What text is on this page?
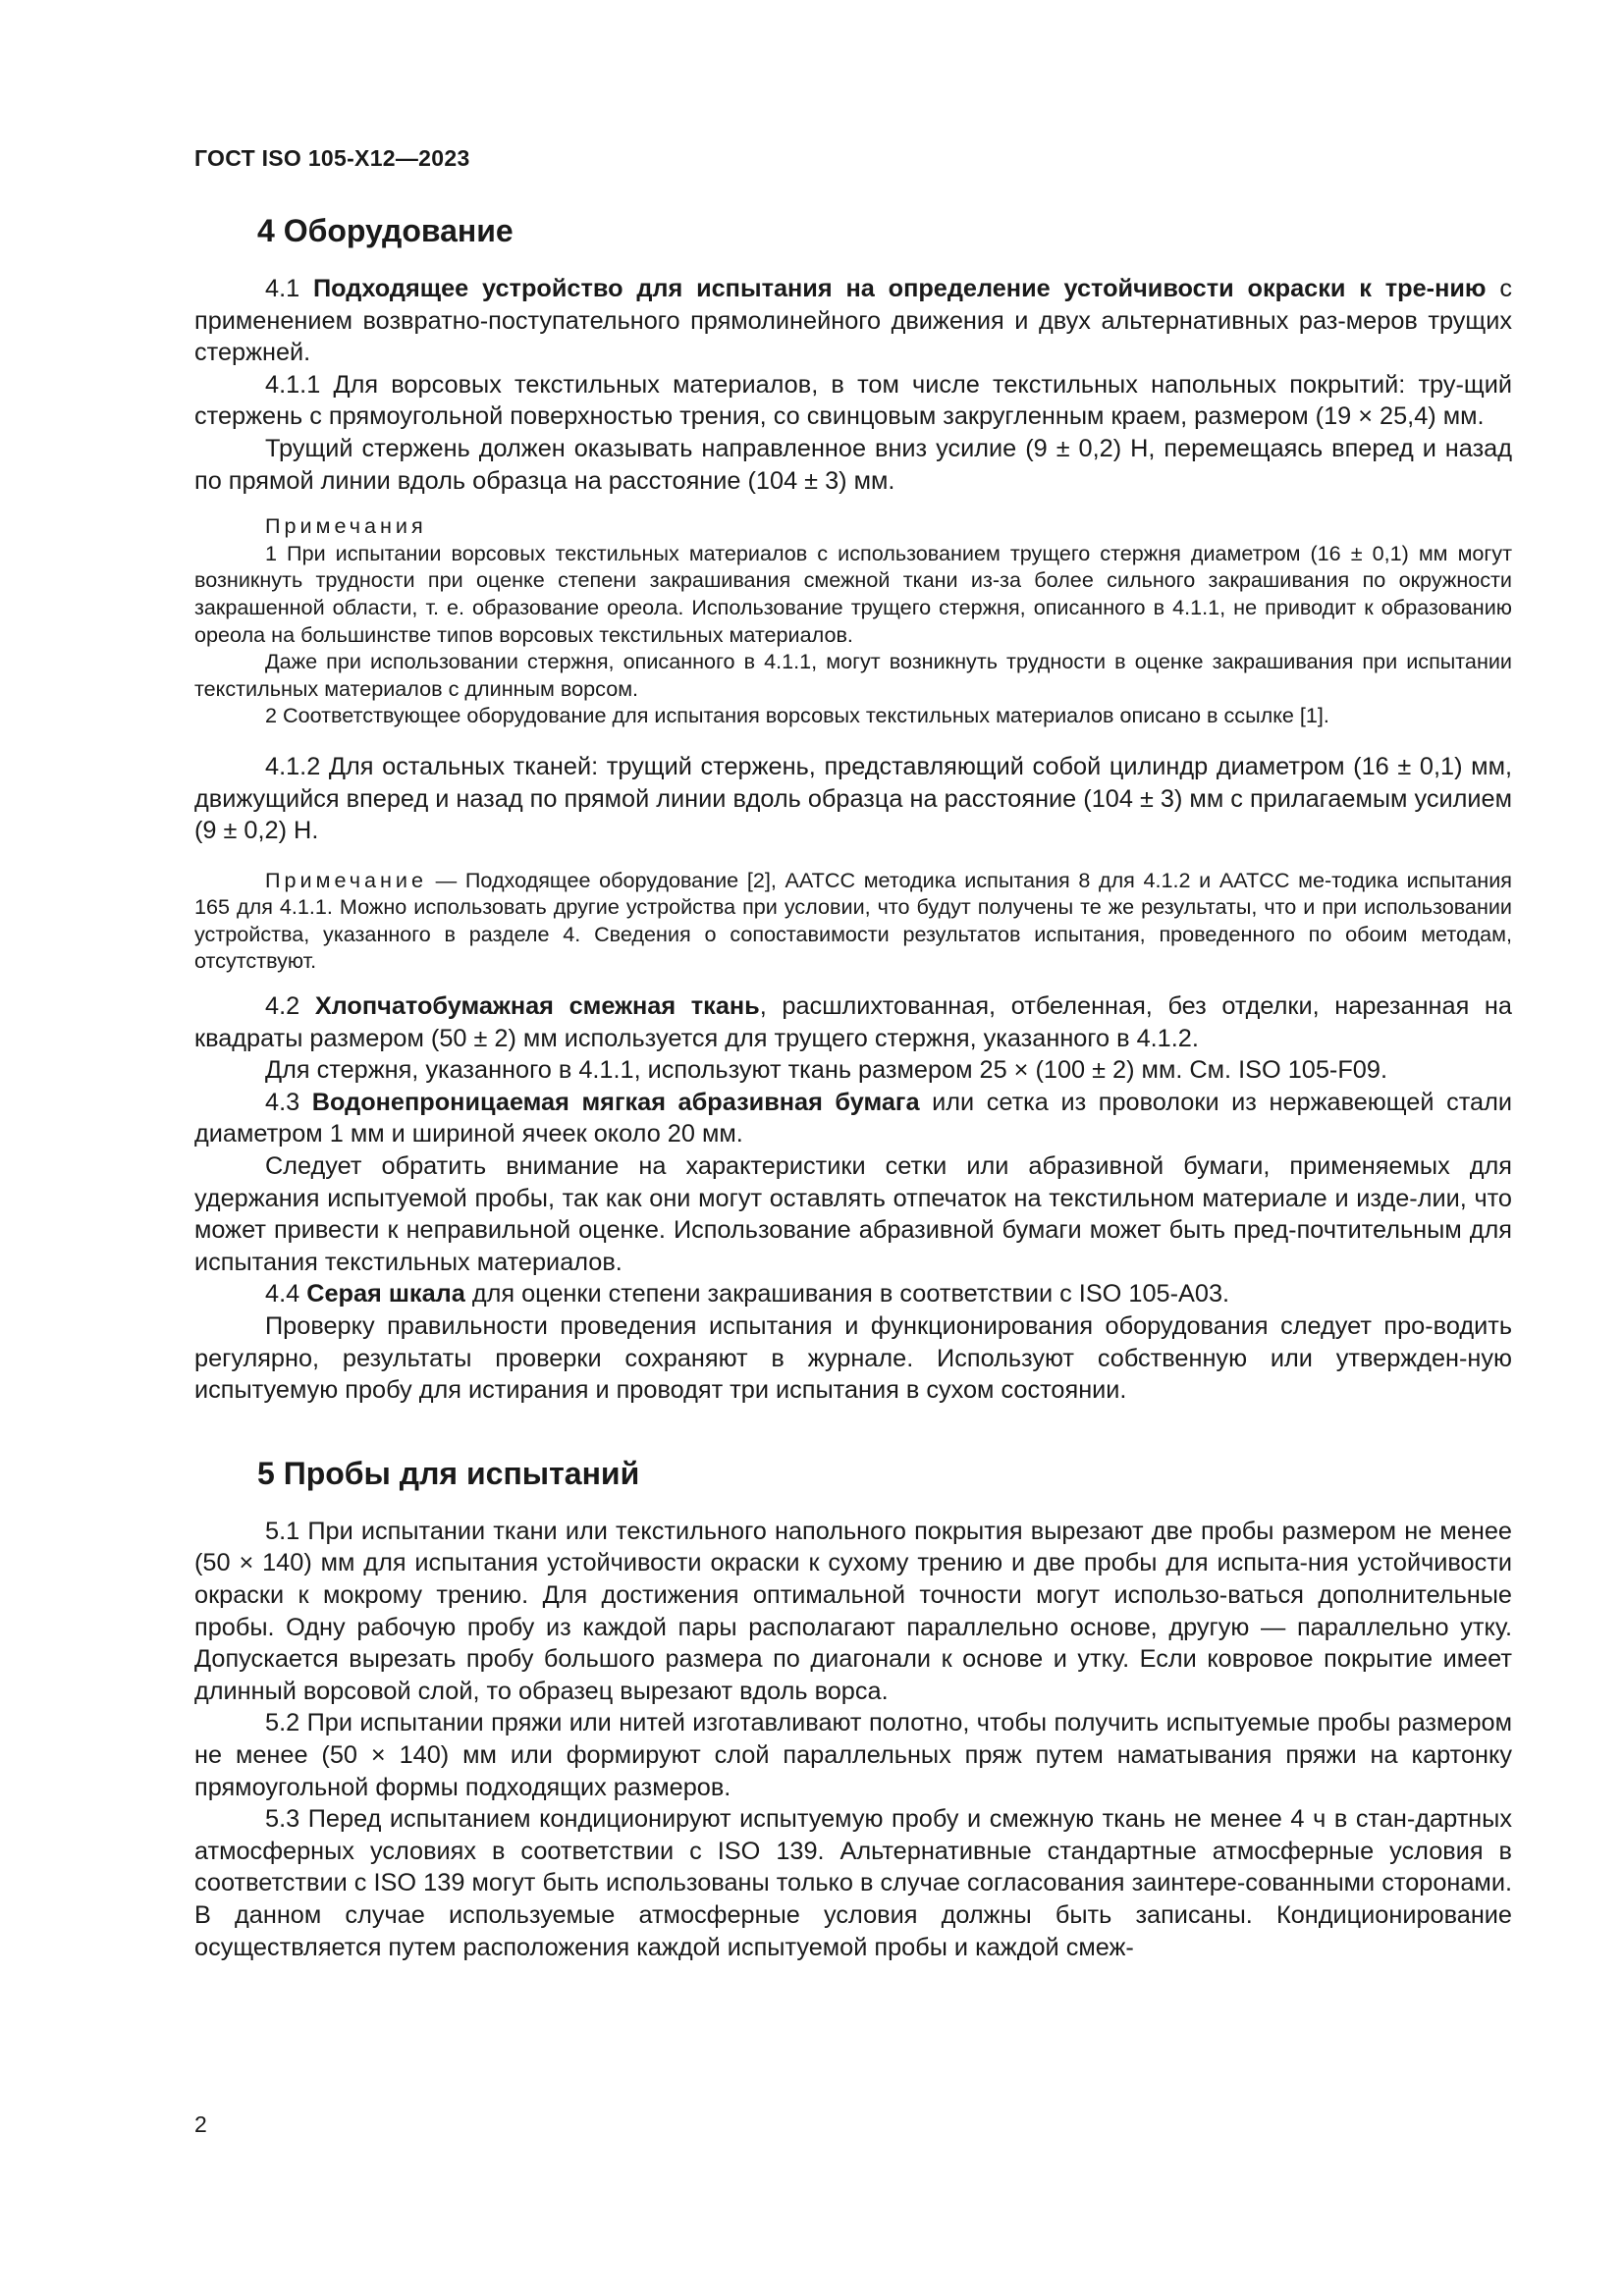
ГОСТ ISO 105-X12—2023
4 Оборудование

4.1 Подходящее устройство для испытания на определение устойчивости окраски к тре-нию с применением возвратно-поступательного прямолинейного движения и двух альтернативных раз-меров трущих стержней.

4.1.1 Для ворсовых текстильных материалов, в том числе текстильных напольных покрытий: тру-щий стержень с прямоугольной поверхностью трения, со свинцовым закругленным краем, размером (19 × 25,4) мм.

Трущий стержень должен оказывать направленное вниз усилие (9 ± 0,2) Н, перемещаясь вперед и назад по прямой линии вдоль образца на расстояние (104 ± 3) мм.

Примечания

1 При испытании ворсовых текстильных материалов с использованием трущего стержня диаметром (16 ± 0,1) мм могут возникнуть трудности при оценке степени закрашивания смежной ткани из-за более сильного закрашивания по окружности закрашенной области, т. е. образование ореола. Использование трущего стержня, описанного в 4.1.1, не приводит к образованию ореола на большинстве типов ворсовых текстильных материалов.

Даже при использовании стержня, описанного в 4.1.1, могут возникнуть трудности в оценке закрашивания при испытании текстильных материалов с длинным ворсом.

2 Соответствующее оборудование для испытания ворсовых текстильных материалов описано в ссылке [1].

4.1.2 Для остальных тканей: трущий стержень, представляющий собой цилиндр диаметром (16 ± 0,1) мм, движущийся вперед и назад по прямой линии вдоль образца на расстояние (104 ± 3) мм с прилагаемым усилием (9 ± 0,2) Н.

Примечание — Подходящее оборудование [2], AATCC методика испытания 8 для 4.1.2 и AATCC ме-тодика испытания 165 для 4.1.1. Можно использовать другие устройства при условии, что будут получены те же результаты, что и при использовании устройства, указанного в разделе 4. Сведения о сопоставимости результатов испытания, проведенного по обоим методам, отсутствуют.

4.2 Хлопчатобумажная смежная ткань, расшлихтованная, отбеленная, без отделки, нарезанная на квадраты размером (50 ± 2) мм используется для трущего стержня, указанного в 4.1.2.

Для стержня, указанного в 4.1.1, используют ткань размером 25 × (100 ± 2) мм. См. ISO 105-F09.

4.3 Водонепроницаемая мягкая абразивная бумага или сетка из проволоки из нержавеющей стали диаметром 1 мм и шириной ячеек около 20 мм.

Следует обратить внимание на характеристики сетки или абразивной бумаги, применяемых для удержания испытуемой пробы, так как они могут оставлять отпечаток на текстильном материале и изде-лии, что может привести к неправильной оценке. Использование абразивной бумаги может быть пред-почтительным для испытания текстильных материалов.

4.4 Серая шкала для оценки степени закрашивания в соответствии с ISO 105-A03.

Проверку правильности проведения испытания и функционирования оборудования следует про-водить регулярно, результаты проверки сохраняют в журнале. Используют собственную или утвержден-ную испытуемую пробу для истирания и проводят три испытания в сухом состоянии.

5 Пробы для испытаний

5.1 При испытании ткани или текстильного напольного покрытия вырезают две пробы размером не менее (50 × 140) мм для испытания устойчивости окраски к сухому трению и две пробы для испыта-ния устойчивости окраски к мокрому трению. Для достижения оптимальной точности могут использо-ваться дополнительные пробы. Одну рабочую пробу из каждой пары располагают параллельно основе, другую — параллельно утку. Допускается вырезать пробу большого размера по диагонали к основе и утку. Если ковровое покрытие имеет длинный ворсовой слой, то образец вырезают вдоль ворса.

5.2 При испытании пряжи или нитей изготавливают полотно, чтобы получить испытуемые пробы размером не менее (50 × 140) мм или формируют слой параллельных пряж путем наматывания пряжи на картонку прямоугольной формы подходящих размеров.

5.3 Перед испытанием кондиционируют испытуемую пробу и смежную ткань не менее 4 ч в стан-дартных атмосферных условиях в соответствии с ISO 139. Альтернативные стандартные атмосферные условия в соответствии с ISO 139 могут быть использованы только в случае согласования заинтере-сованными сторонами. В данном случае используемые атмосферные условия должны быть записаны. Кондиционирование осуществляется путем расположения каждой испытуемой пробы и каждой смеж-

2
